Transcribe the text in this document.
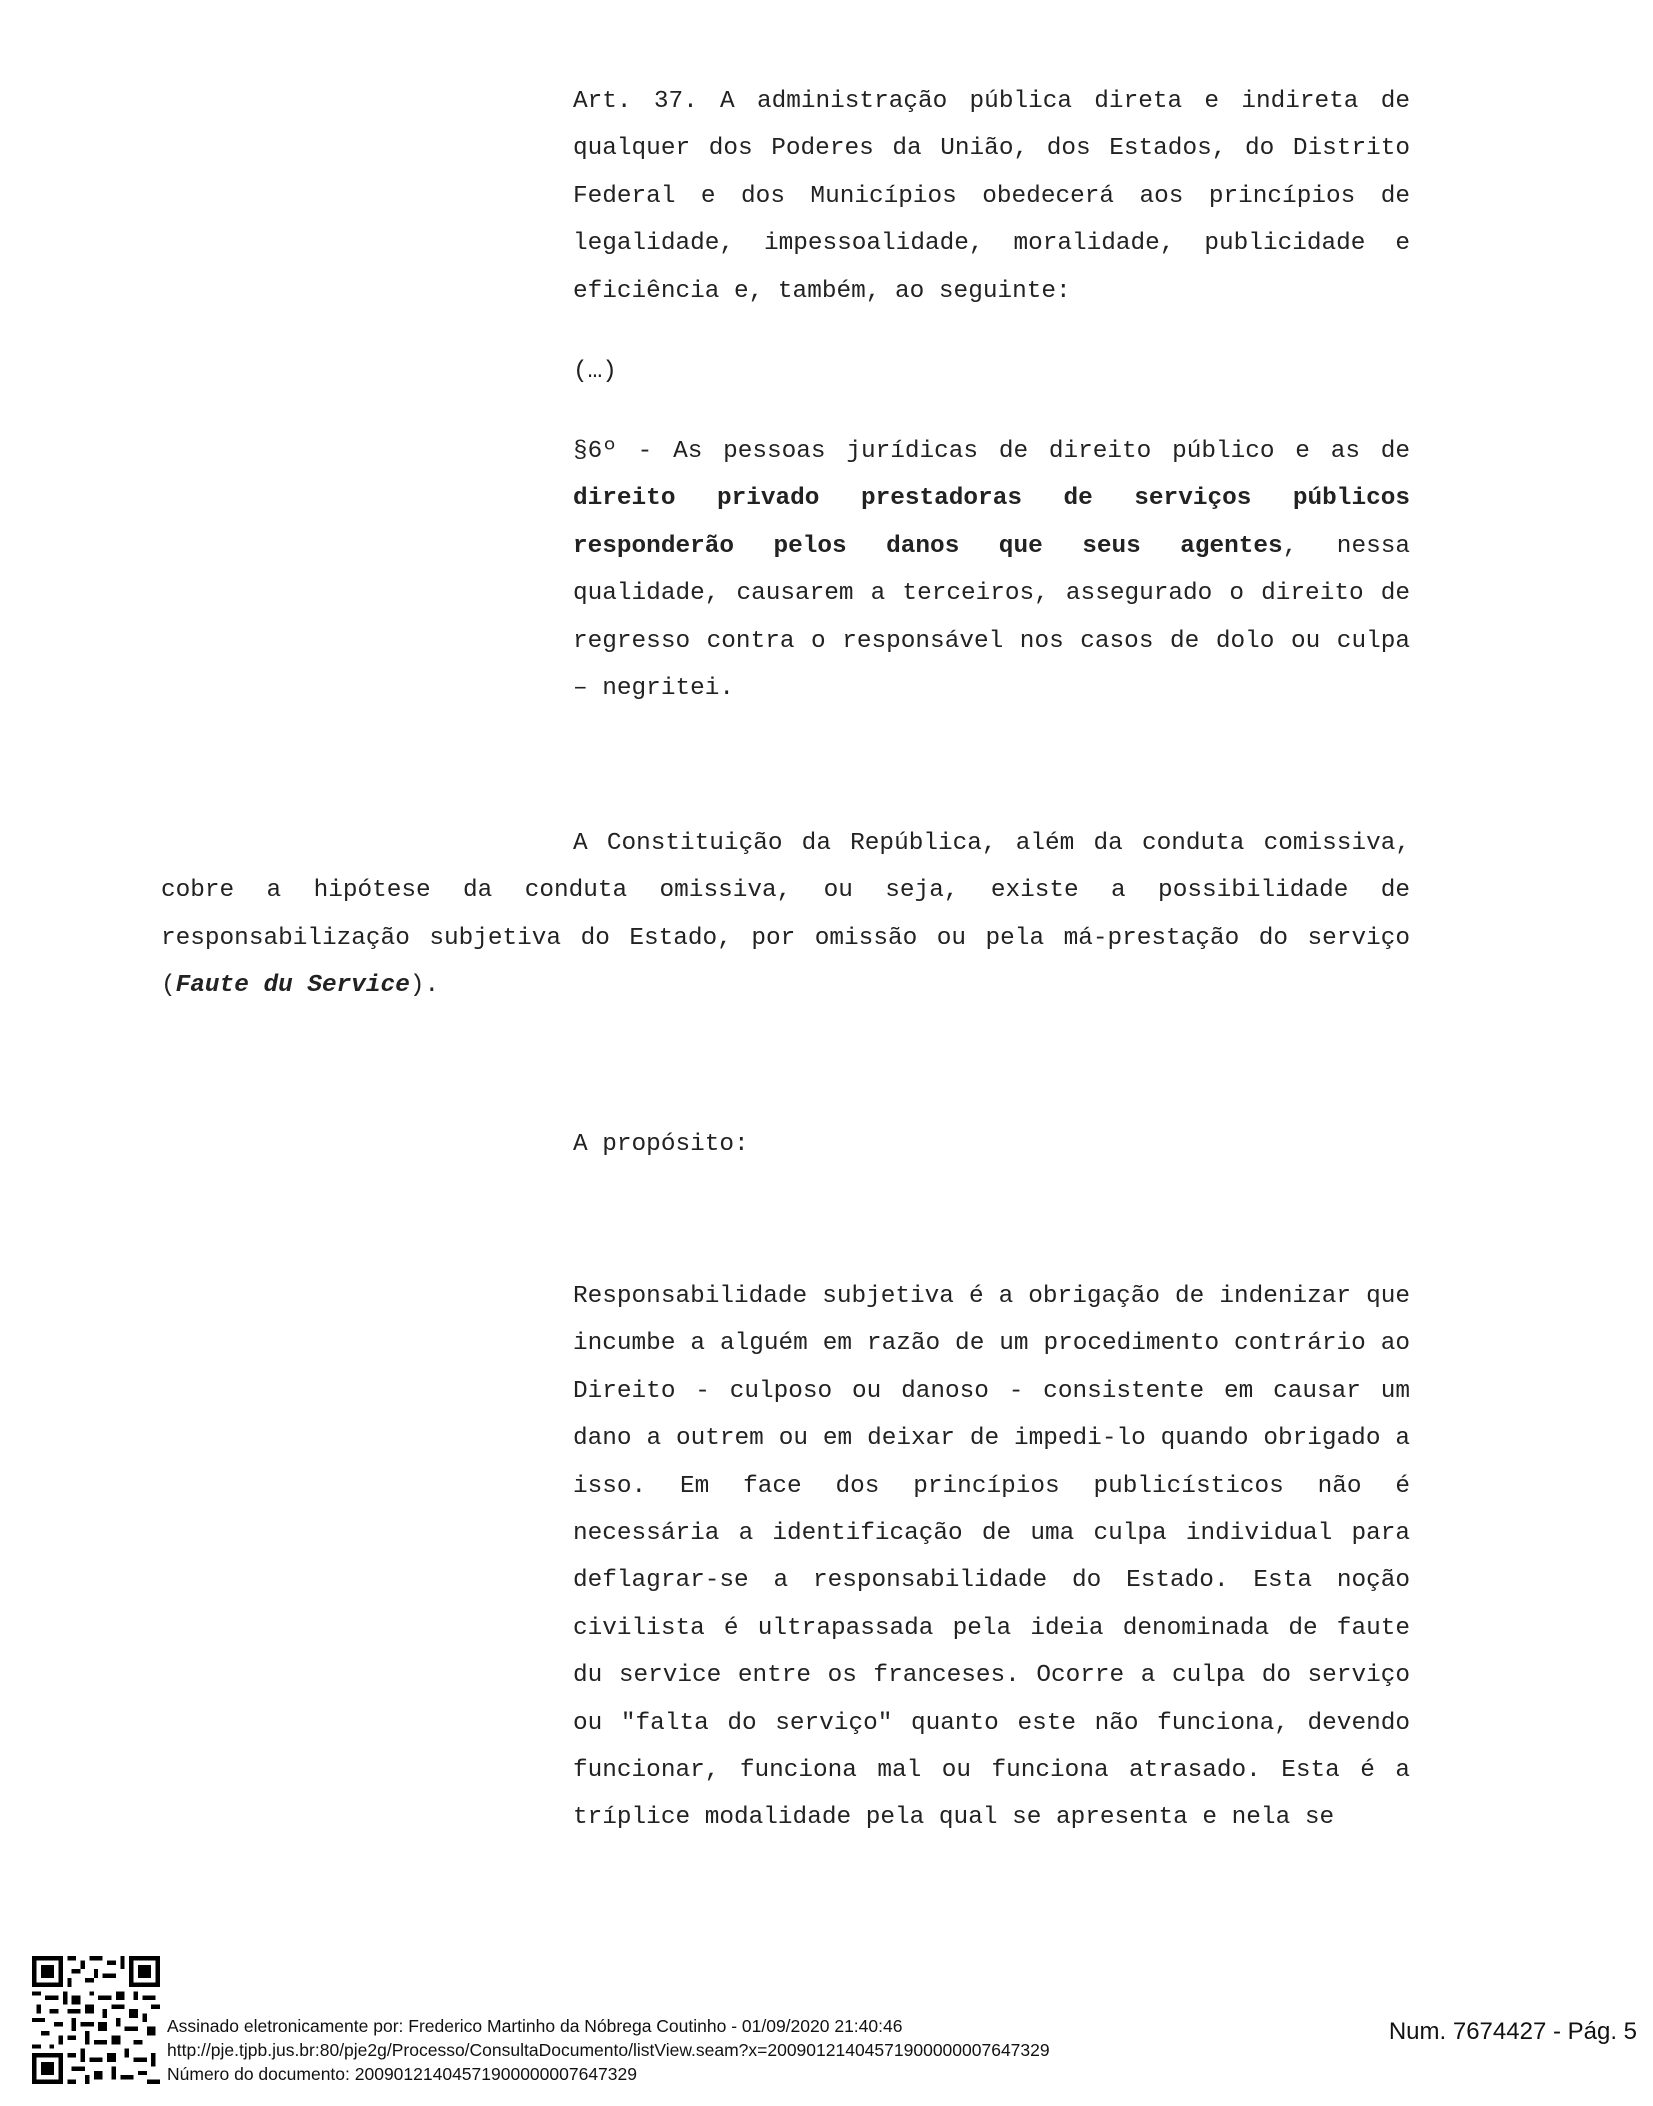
Art. 37. A administração pública direta e indireta de qualquer dos Poderes da União, dos Estados, do Distrito Federal e dos Municípios obedecerá aos princípios de legalidade, impessoalidade, moralidade, publicidade e eficiência e, também, ao seguinte:

(…)

§6º - As pessoas jurídicas de direito público e as de direito privado prestadoras de serviços públicos responderão pelos danos que seus agentes, nessa qualidade, causarem a terceiros, assegurado o direito de regresso contra o responsável nos casos de dolo ou culpa – negritei.

A Constituição da República, além da conduta comissiva, cobre a hipótese da conduta omissiva, ou seja, existe a possibilidade de responsabilização subjetiva do Estado, por omissão ou pela má-prestação do serviço (Faute du Service).

A propósito:

Responsabilidade subjetiva é a obrigação de indenizar que incumbe a alguém em razão de um procedimento contrário ao Direito - culposo ou danoso - consistente em causar um dano a outrem ou em deixar de impedi-lo quando obrigado a isso. Em face dos princípios publicísticos não é necessária a identificação de uma culpa individual para deflagrar-se a responsabilidade do Estado. Esta noção civilista é ultrapassada pela ideia denominada de faute du service entre os franceses. Ocorre a culpa do serviço ou "falta do serviço" quanto este não funciona, devendo funcionar, funciona mal ou funciona atrasado. Esta é a tríplice modalidade pela qual se apresenta e nela se

Assinado eletronicamente por: Frederico Martinho da Nóbrega Coutinho - 01/09/2020 21:40:46
http://pje.tjpb.jus.br:80/pje2g/Processo/ConsultaDocumento/listView.seam?x=20090121404571900000007647329
Número do documento: 20090121404571900000007647329
Num. 7674427 - Pág. 5
